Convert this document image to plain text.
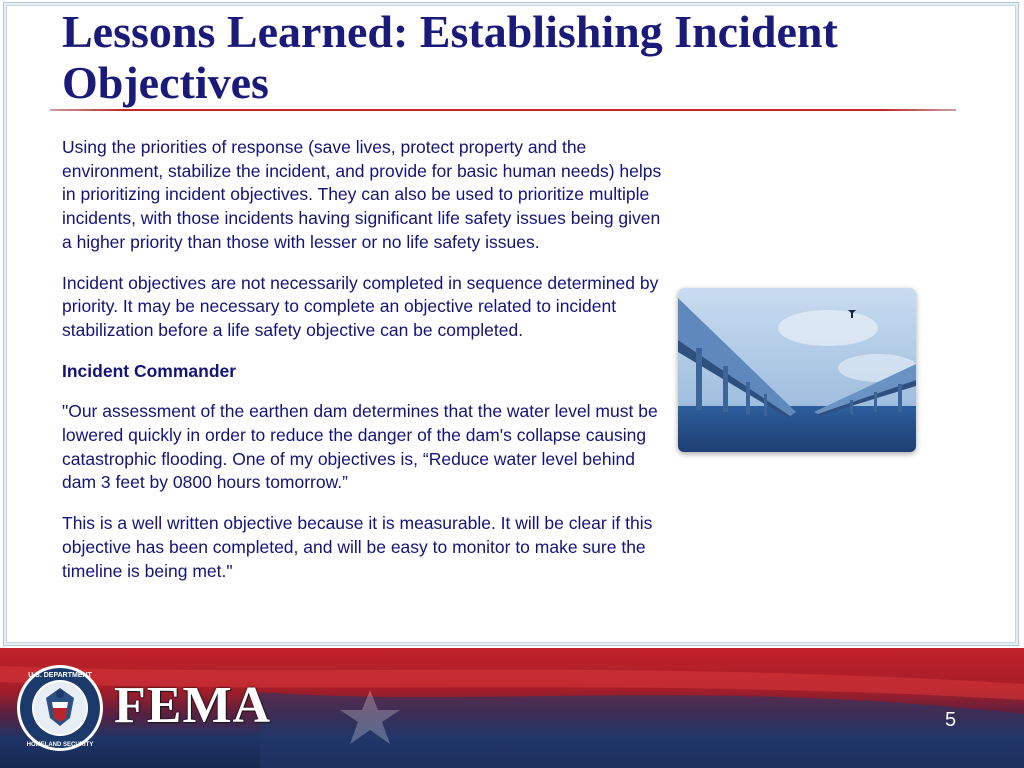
Lessons Learned: Establishing Incident Objectives

Using the priorities of response (save lives, protect property and the environment, stabilize the incident, and provide for basic human needs) helps in prioritizing incident objectives. They can also be used to prioritize multiple incidents, with those incidents having significant life safety issues being given a higher priority than those with lesser or no life safety issues.

Incident objectives are not necessarily completed in sequence determined by priority. It may be necessary to complete an objective related to incident stabilization before a life safety objective can be completed.

Incident Commander

"Our assessment of the earthen dam determines that the water level must be lowered quickly in order to reduce the danger of the dam's collapse causing catastrophic flooding. One of my objectives is, “Reduce water level behind dam 3 feet by 0800 hours tomorrow.”

This is a well written objective because it is measurable. It will be clear if this objective has been completed, and will be easy to monitor to make sure the timeline is being met."

U.S. DEPARTMENT
HOMELAND SECURITY
FEMA	5
